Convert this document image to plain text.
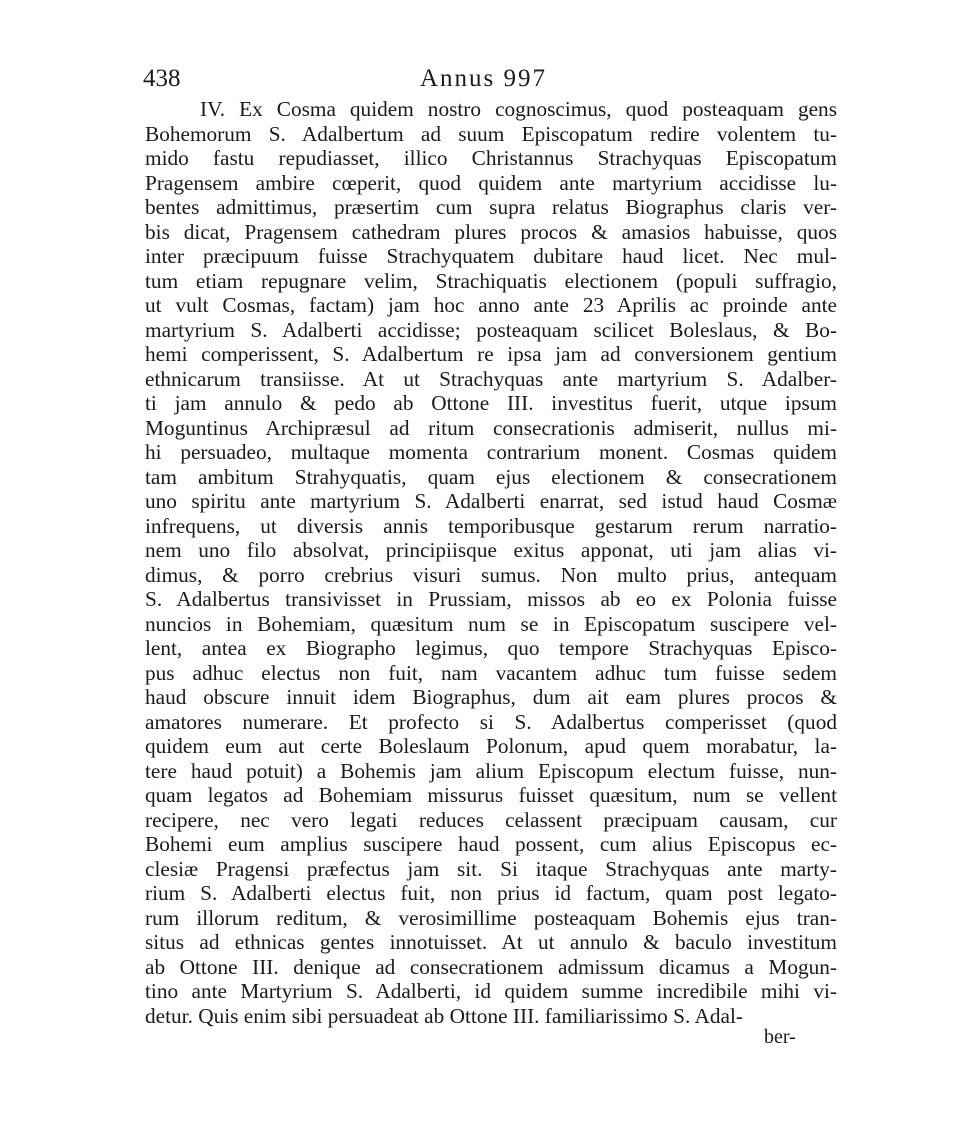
438	Annus 997
IV. Ex Cosma quidem nostro cognoscimus, quod posteaquam gens
Bohemorum S. Adalbertum ad suum Episcopatum redire volentem tu-
mido fastu repudiasset, illico Christannus Strachyquas Episcopatum
Pragensem ambire cœperit, quod quidem ante martyrium accidisse lu-
bentes admittimus, præsertim cum supra relatus Biographus claris ver-
bis dicat, Pragensem cathedram plures procos & amasios habuisse, quos
inter præcipuum fuisse Strachyquatem dubitare haud licet. Nec mul-
tum etiam repugnare velim, Strachiquatis electionem (populi suffragio,
ut vult Cosmas, factam) jam hoc anno ante 23 Aprilis ac proinde ante
martyrium S. Adalberti accidisse; posteaquam scilicet Boleslaus, & Bo-
hemi comperissent, S. Adalbertum re ipsa jam ad conversionem gentium
ethnicarum transiisse. At ut Strachyquas ante martyrium S. Adalber-
ti jam annulo & pedo ab Ottone III. investitus fuerit, utque ipsum
Moguntinus Archipræsul ad ritum consecrationis admiserit, nullus mi-
hi persuadeo, multaque momenta contrarium monent. Cosmas quidem
tam ambitum Strahyquatis, quam ejus electionem & consecrationem
uno spiritu ante martyrium S. Adalberti enarrat, sed istud haud Cosmæ
infrequens, ut diversis annis temporibusque gestarum rerum narratio-
nem uno filo absolvat, principiisque exitus apponat, uti jam alias vi-
dimus, & porro crebrius visuri sumus. Non multo prius, antequam
S. Adalbertus transivisset in Prussiam, missos ab eo ex Polonia fuisse
nuncios in Bohemiam, quæsitum num se in Episcopatum suscipere vel-
lent, antea ex Biographo legimus, quo tempore Strachyquas Episco-
pus adhuc electus non fuit, nam vacantem adhuc tum fuisse sedem
haud obscure innuit idem Biographus, dum ait eam plures procos &
amatores numerare. Et profecto si S. Adalbertus comperisset (quod
quidem eum aut certe Boleslaum Polonum, apud quem morabatur, la-
tere haud potuit) a Bohemis jam alium Episcopum electum fuisse, nun-
quam legatos ad Bohemiam missurus fuisset quæsitum, num se vellent
recipere, nec vero legati reduces celassent præcipuam causam, cur
Bohemi eum amplius suscipere haud possent, cum alius Episcopus ec-
clesiæ Pragensi præfectus jam sit. Si itaque Strachyquas ante marty-
rium S. Adalberti electus fuit, non prius id factum, quam post legato-
rum illorum reditum, & verosimillime posteaquam Bohemis ejus tran-
situs ad ethnicas gentes innotuisset. At ut annulo & baculo investitum
ab Ottone III. denique ad consecrationem admissum dicamus a Mogun-
tino ante Martyrium S. Adalberti, id quidem summe incredibile mihi vi-
detur. Quis enim sibi persuadeat ab Ottone III. familiarissimo S. Adal-
ber-
